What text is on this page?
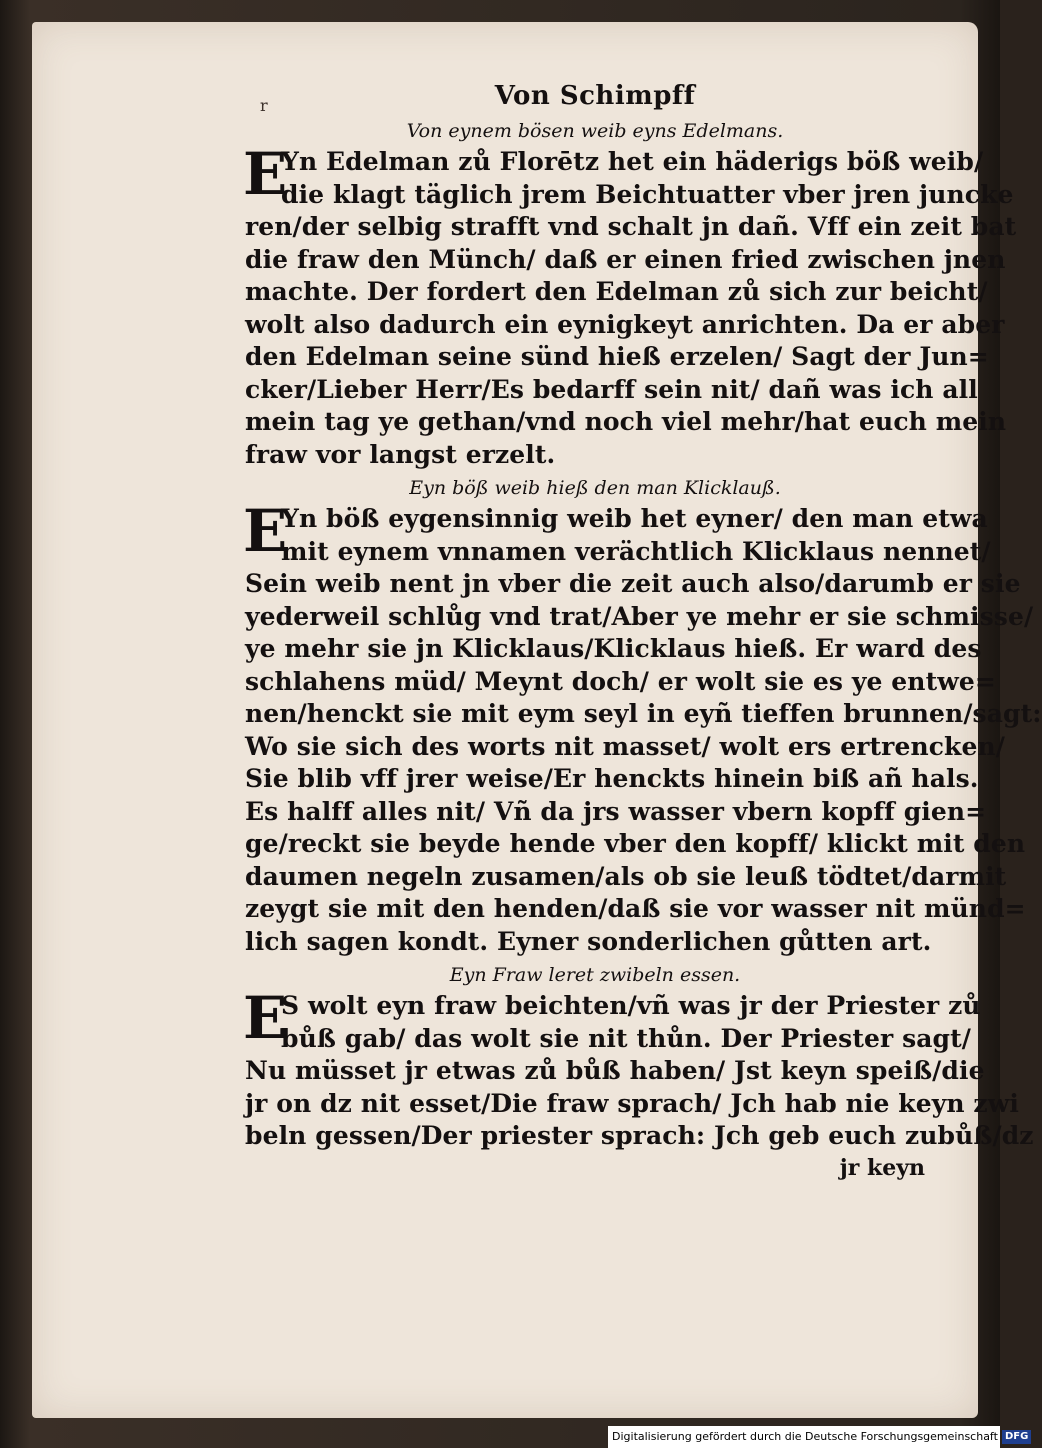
r	Von Schimpff
Von eynem bösen weib eyns Edelmans.
E
Yn Edelman zů Florētz het ein häderigs böß weib/
die klagt täglich jrem Beichtuatter vber jren juncke
ren/der selbig strafft vnd schalt jn dañ. Vff ein zeit bat
die fraw den Münch/ daß er einen fried zwischen jnen
machte. Der fordert den Edelman zů sich zur beicht/
wolt also dadurch ein eynigkeyt anrichten. Da er aber
den Edelman seine sünd hieß erzelen/ Sagt der Jun=
cker/Lieber Herr/Es bedarff sein nit/ dañ was ich all
mein tag ye gethan/vnd noch viel mehr/hat euch mein
fraw vor langst erzelt.
Eyn böß weib hieß den man Klicklauß.
E
Yn böß eygensinnig weib het eyner/ den man etwa
mit eynem vnnamen verächtlich Klicklaus nennet/
Sein weib nent jn vber die zeit auch also/darumb er sie
yederweil schlůg vnd trat/Aber ye mehr er sie schmisse/
ye mehr sie jn Klicklaus/Klicklaus hieß. Er ward des
schlahens müd/ Meynt doch/ er wolt sie es ye entwe=
nen/henckt sie mit eym seyl in eyñ tieffen brunnen/sagt:
Wo sie sich des worts nit masset/ wolt ers ertrencken/
Sie blib vff jrer weise/Er henckts hinein biß añ hals.
Es halff alles nit/ Vñ da jrs wasser vbern kopff gien=
ge/reckt sie beyde hende vber den kopff/ klickt mit den
daumen negeln zusamen/als ob sie leuß tödtet/darmit
zeygt sie mit den henden/daß sie vor wasser nit münd=
lich sagen kondt. Eyner sonderlichen gůtten art.
Eyn Fraw leret zwibeln essen.
E
S wolt eyn fraw beichten/vñ was jr der Priester zů
bůß gab/ das wolt sie nit thůn. Der Priester sagt/
Nu müsset jr etwas zů bůß haben/ Jst keyn speiß/die
jr on dz nit esset/Die fraw sprach/ Jch hab nie keyn zwi
beln gessen/Der priester sprach: Jch geb euch zubůß/dz
jr keyn
Digitalisierung gefördert durch die Deutsche Forschungsgemeinschaft DFG
